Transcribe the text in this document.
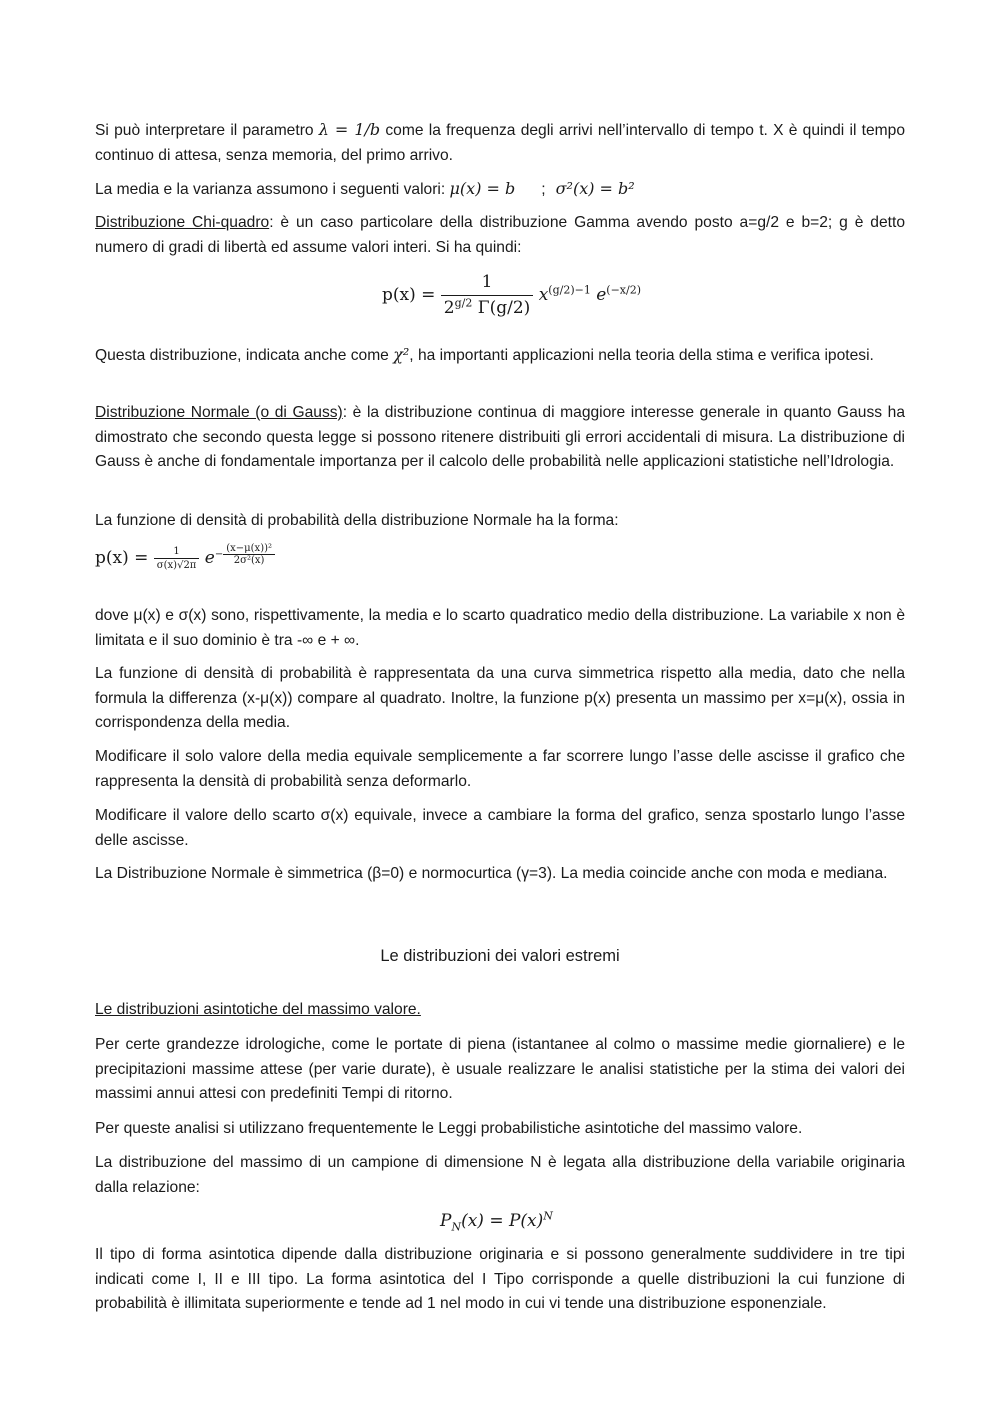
Si può interpretare il parametro λ = 1/b come la frequenza degli arrivi nell’intervallo di tempo t. X è quindi il tempo continuo di attesa, senza memoria, del primo arrivo.

La media e la varianza assumono i seguenti valori: μ(x) = b ; σ²(x) = b²

Distribuzione Chi-quadro: è un caso particolare della distribuzione Gamma avendo posto a=g/2 e b=2; g è detto numero di gradi di libertà ed assume valori interi. Si ha quindi:

$p(x) = \frac{1}{2^{g/2} \Gamma(g/2)} x^{(g/2)-1}$ $e^{(-x/2)}$

Questa distribuzione, indicata anche come χ², ha importanti applicazioni nella teoria della stima e verifica ipotesi.

Distribuzione Normale (o di Gauss): è la distribuzione continua di maggiore interesse generale in quanto Gauss ha dimostrato che secondo questa legge si possono ritenere distribuiti gli errori accidentali di misura. La distribuzione di Gauss è anche di fondamentale importanza per il calcolo delle probabilità nelle applicazioni statistiche nell’Idrologia.

La funzione di densità di probabilità della distribuzione Normale ha la forma:

$p(x) = \frac{1}{\sigma(x)√2\pi} e- \frac{\text{(x−μ(x))²}}{\text{2σ²(x)}}$

dove μ(x) e σ(x) sono, rispettivamente, la media e lo scarto quadratico medio della distribuzione. La variabile x non è limitata e il suo dominio è tra -∞ e + ∞.

La funzione di densità di probabilità è rappresentata da una curva simmetrica rispetto alla media, dato che nella formula la differenza (x-μ(x)) compare al quadrato. Inoltre, la funzione p(x) presenta un massimo per x=μ(x), ossia in corrispondenza della media.

Modificare il solo valore della media equivale semplicemente a far scorrere lungo l’asse delle ascisse il grafico che rappresenta la densità di probabilità senza deformarlo.

Modificare il valore dello scarto σ(x) equivale, invece a cambiare la forma del grafico, senza spostarlo lungo l’asse delle ascisse.

La Distribuzione Normale è simmetrica (β=0) e normocurtica (γ=3). La media coincide anche con moda e mediana.

Le distribuzioni dei valori estremi

Le distribuzioni asintotiche del massimo valore.

Per certe grandezze idrologiche, come le portate di piena (istantanee al colmo o massime medie giornaliere) e le precipitazioni massime attese (per varie durate), è usuale realizzare le analisi statistiche per la stima dei valori dei massimi annui attesi con predefiniti Tempi di ritorno.

Per queste analisi si utilizzano frequentemente le Leggi probabilistiche asintotiche del massimo valore.

La distribuzione del massimo di un campione di dimensione N è legata alla distribuzione della variabile originaria dalla relazione:

$P_N(x) = P(x)^N$

Il tipo di forma asintotica dipende dalla distribuzione originaria e si possono generalmente suddividere in tre tipi indicati come I, II e III tipo. La forma asintotica del I Tipo corrisponde a quelle distribuzioni la cui funzione di probabilità è illimitata superiormente e tende ad 1 nel modo in cui vi tende una distribuzione esponenziale.
